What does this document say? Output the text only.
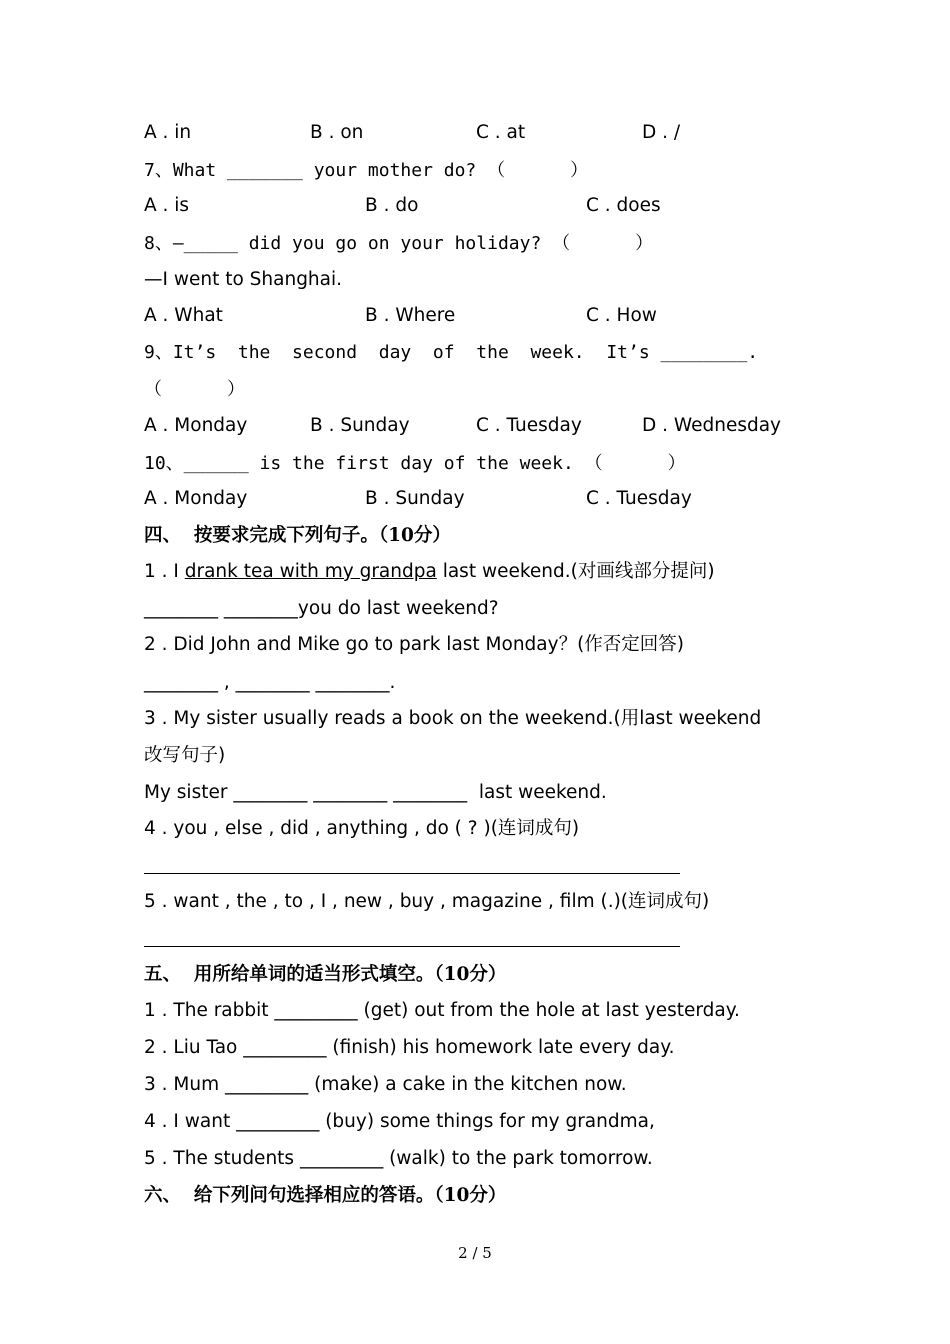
A . in	B . on	C . at	D . /
7、What _______ your mother do? （      ）
A . is	B . do	C . does
8、—_____ did you go on your holiday? （      ）
—I went to Shanghai.
A . What	B . Where	C . How
9、It’s  the  second  day  of  the  week.  It’s ________.
（      ）
A . Monday	B . Sunday	C . Tuesday	D . Wednesday
10、______ is the first day of the week. （      ）
A . Monday	B . Sunday	C . Tuesday
四、  按要求完成下列句子。（10分）
1 . I drank tea with my grandpa last weekend.(对画线部分提问)
________ ________you do last weekend?
2 . Did John and Mike go to park last Monday？(作否定回答)
________ , ________ ________.
3 . My sister usually reads a book on the weekend.(用last weekend
改写句子)
My sister ________ ________ ________  last weekend.
4 . you , else , did , anything , do ( ? )(连词成句)
5 . want , the , to , I , new , buy , magazine , film (.)(连词成句)
五、  用所给单词的适当形式填空。（10分）
1 . The rabbit _________ (get) out from the hole at last yesterday.
2 . Liu Tao _________ (finish) his homework late every day.
3 . Mum _________ (make) a cake in the kitchen now.
4 . I want _________ (buy) some things for my grandma,
5 . The students _________ (walk) to the park tomorrow.
六、  给下列问句选择相应的答语。（10分）
2 / 5
